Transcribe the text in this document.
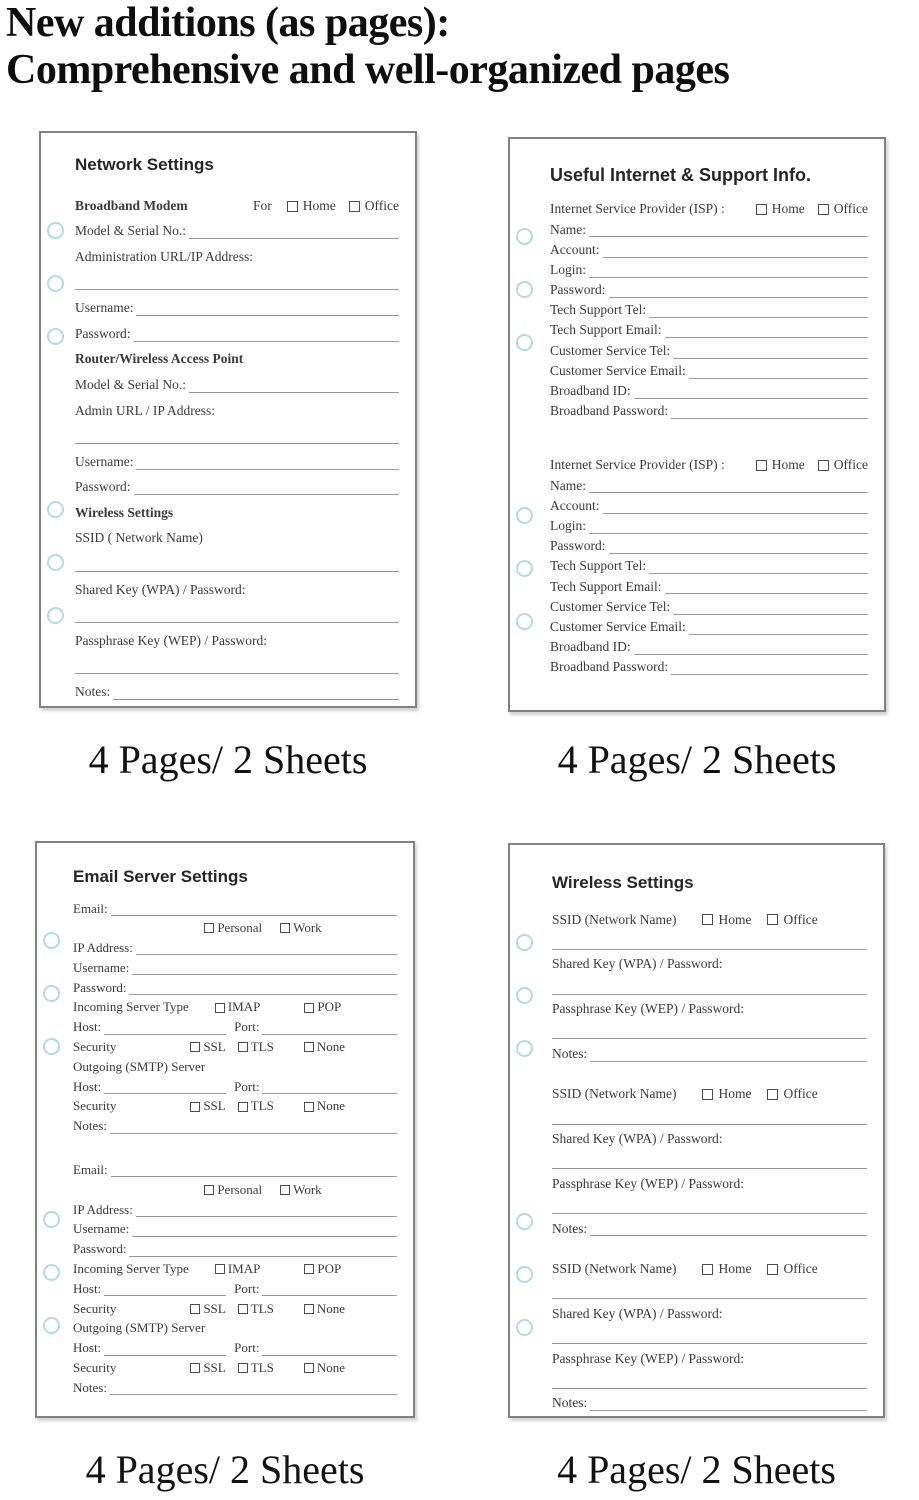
New additions (as pages):
Comprehensive and well-organized pages
Network Settings
Broadband Modem	For Home Office
Model & Serial No.:
Administration URL/IP Address:
Username:
Password:
Router/Wireless Access Point
Model & Serial No.:
Admin URL / IP Address:
Username:
Password:
Wireless Settings
SSID ( Network Name)
Shared Key (WPA) / Password:
Passphrase Key (WEP) / Password:
Notes:
Useful Internet & Support Info.
Internet Service Provider (ISP) :	Home Office
Name:
Account:
Login:
Password:
Tech Support Tel:
Tech Support Email:
Customer Service Tel:
Customer Service Email:
Broadband ID:
Broadband Password:
Internet Service Provider (ISP) :	Home Office
Name:
Account:
Login:
Password:
Tech Support Tel:
Tech Support Email:
Customer Service Tel:
Customer Service Email:
Broadband ID:
Broadband Password:
Email Server Settings
Email:
Personal Work
IP Address:
Username:
Password:
Incoming Server Type	IMAP	POP
Host:	Port:
Security	SSL TLS	None
Outgoing (SMTP) Server
Host:	Port:
Security	SSL TLS	None
Notes:
Email:
Personal Work
IP Address:
Username:
Password:
Incoming Server Type	IMAP	POP
Host:	Port:
Security	SSL TLS	None
Outgoing (SMTP) Server
Host:	Port:
Security	SSL TLS	None
Notes:
Wireless Settings
SSID (Network Name)	Home Office
Shared Key (WPA) / Password:
Passphrase Key (WEP) / Password:
Notes:
SSID (Network Name)	Home Office
Shared Key (WPA) / Password:
Passphrase Key (WEP) / Password:
Notes:
SSID (Network Name)	Home Office
Shared Key (WPA) / Password:
Passphrase Key (WEP) / Password:
Notes:
4 Pages/ 2 Sheets	4 Pages/ 2 Sheets
4 Pages/ 2 Sheets	4 Pages/ 2 Sheets
